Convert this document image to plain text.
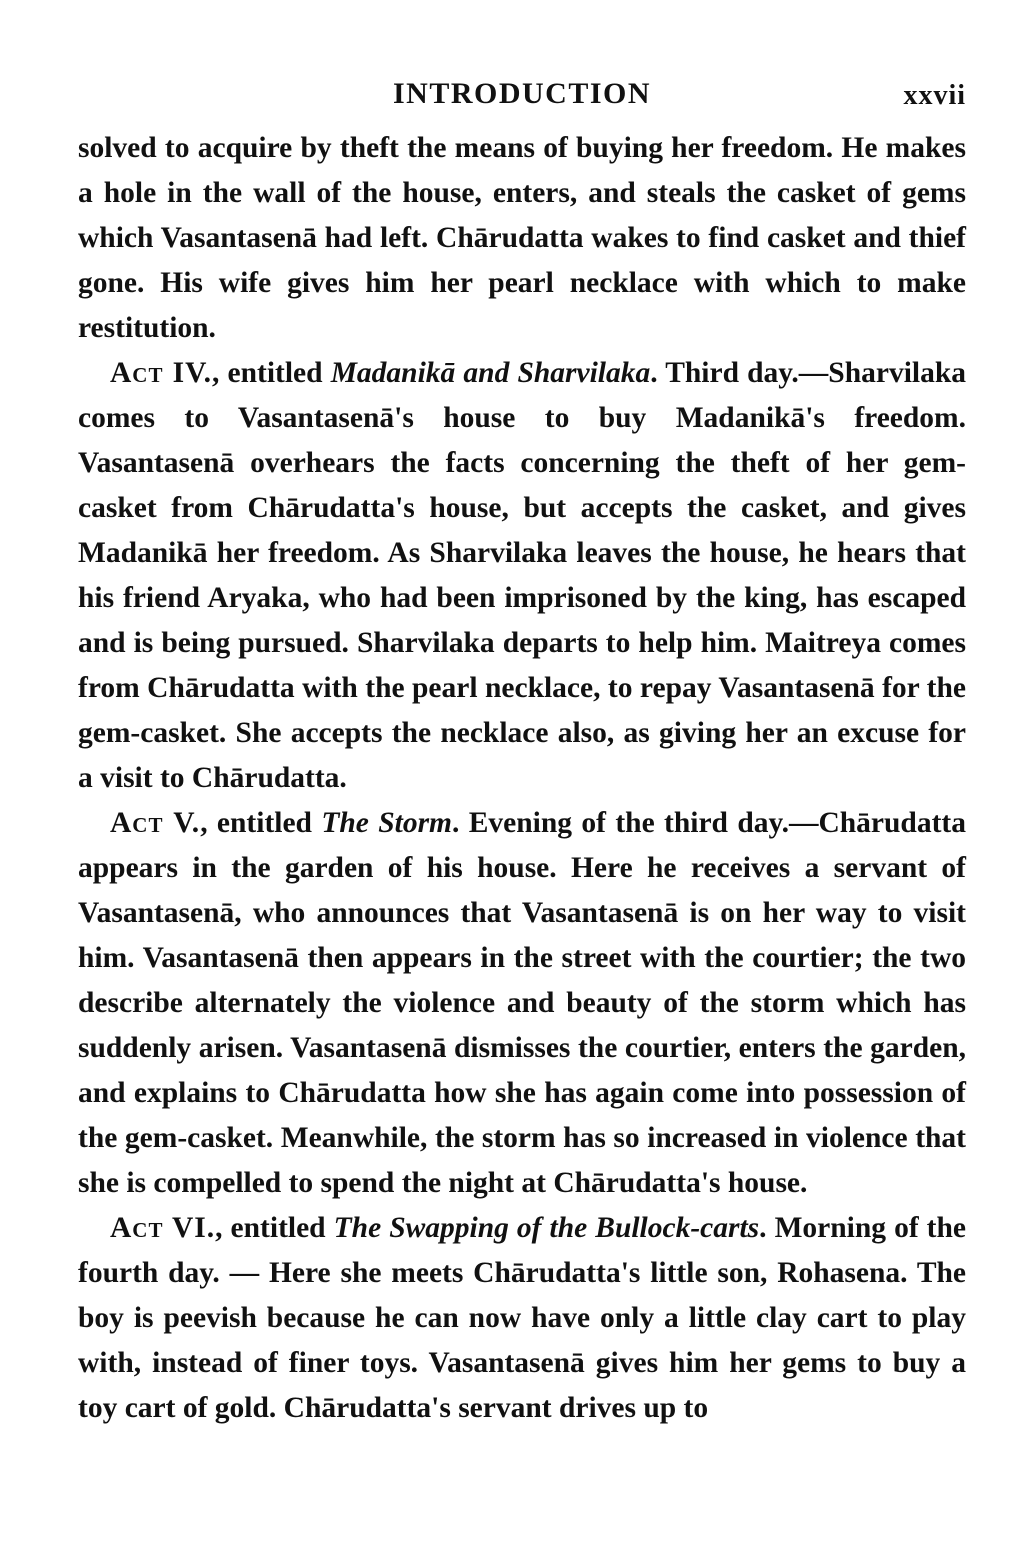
INTRODUCTION	xxvii

solved to acquire by theft the means of buying her freedom. He makes a hole in the wall of the house, enters, and steals the casket of gems which Vasantasenā had left. Chārudatta wakes to find casket and thief gone. His wife gives him her pearl necklace with which to make restitution.

Act IV., entitled Madanikā and Sharvilaka. Third day.—Sharvilaka comes to Vasantasenā's house to buy Madanikā's freedom. Vasantasenā overhears the facts concerning the theft of her gem-casket from Chārudatta's house, but accepts the casket, and gives Madanikā her freedom. As Sharvilaka leaves the house, he hears that his friend Aryaka, who had been imprisoned by the king, has escaped and is being pursued. Sharvilaka departs to help him. Maitreya comes from Chārudatta with the pearl necklace, to repay Vasantasenā for the gem-casket. She accepts the necklace also, as giving her an excuse for a visit to Chārudatta.

Act V., entitled The Storm. Evening of the third day.—Chārudatta appears in the garden of his house. Here he receives a servant of Vasantasenā, who announces that Vasantasenā is on her way to visit him. Vasantasenā then appears in the street with the courtier; the two describe alternately the violence and beauty of the storm which has suddenly arisen. Vasantasenā dismisses the courtier, enters the garden, and explains to Chārudatta how she has again come into possession of the gem-casket. Meanwhile, the storm has so increased in violence that she is compelled to spend the night at Chārudatta's house.

Act VI., entitled The Swapping of the Bullock-carts. Morning of the fourth day. — Here she meets Chārudatta's little son, Rohasena. The boy is peevish because he can now have only a little clay cart to play with, instead of finer toys. Vasantasenā gives him her gems to buy a toy cart of gold. Chārudatta's servant drives up to
